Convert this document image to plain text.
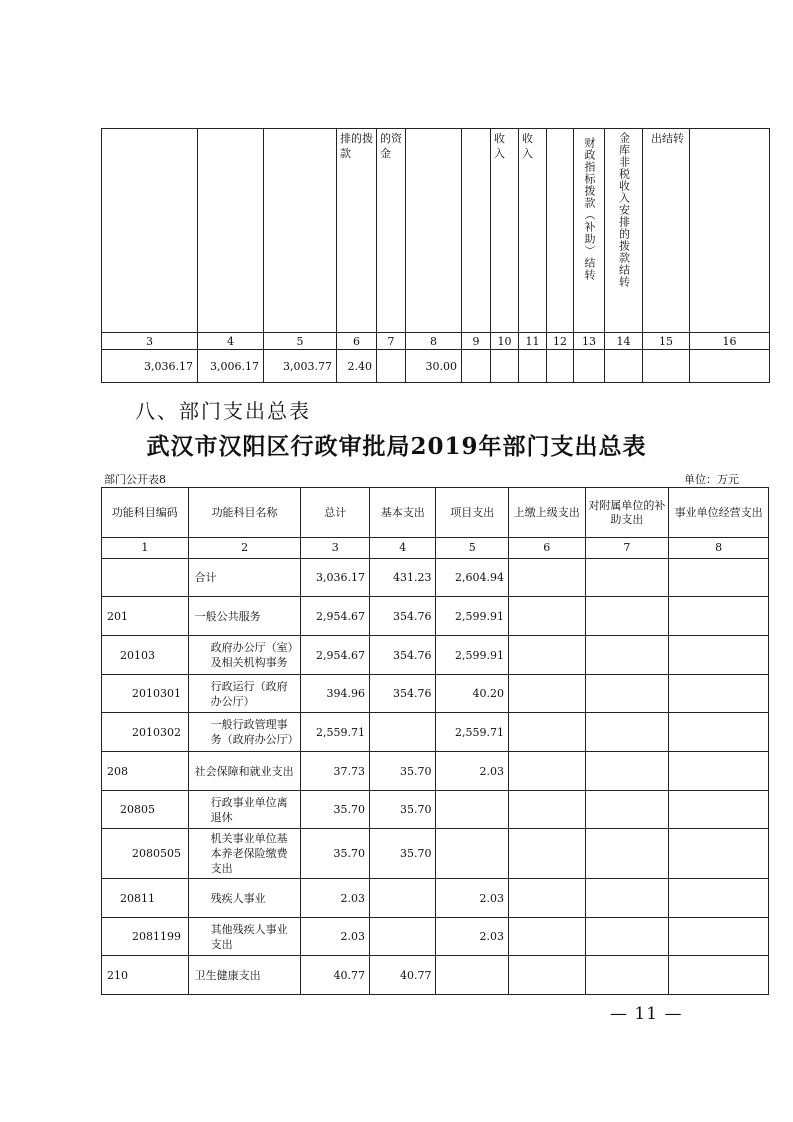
			排的拨款	的资金			收入	收入		财政指标拨款（补助）结转	金库非税收入安排的拨款结转	出结转	

3	4	5	6	7	8	9	10	11	12	13	14	15	16
3,036.17	3,006.17	3,003.77	2.40		30.00								
八、部门支出总表
武汉市汉阳区行政审批局2019年部门支出总表
部门公开表8	单位：万元
功能科目编码	功能科目名称	总计	基本支出	项目支出	上缴上级支出	对附属单位的补助支出	事业单位经营支出
1	2	3	4	5	6	7	8
	合计	3,036.17	431.23	2,604.94			
201	一般公共服务	2,954.67	354.76	2,599.91			
20103	政府办公厅（室）及相关机构事务	2,954.67	354.76	2,599.91			
2010301	行政运行（政府办公厅）	394.96	354.76	40.20			
2010302	一般行政管理事务（政府办公厅）	2,559.71		2,559.71			
208	社会保障和就业支出	37.73	35.70	2.03			
20805	行政事业单位离退休	35.70	35.70				
2080505	机关事业单位基本养老保险缴费支出	35.70	35.70				
20811	残疾人事业	2.03		2.03			
2081199	其他残疾人事业支出	2.03		2.03			
210	卫生健康支出	40.77	40.77				
— 11 —
